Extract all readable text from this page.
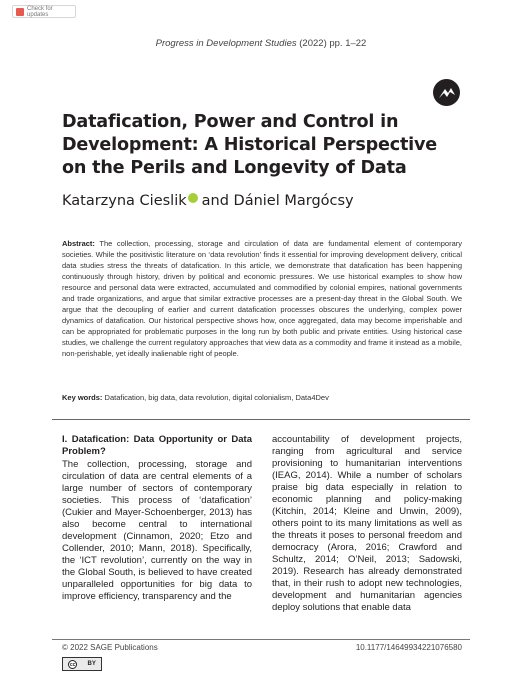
Check for updates
Progress in Development Studies (2022) pp. 1–22
Datafication, Power and Control in Development: A Historical Perspective on the Perils and Longevity of Data
Katarzyna Cieslik and Dániel Margócsy

Abstract: The collection, processing, storage and circulation of data are fundamental element of contemporary societies. While the positivistic literature on ‘data revolution’ finds it essential for improving development delivery, critical data studies stress the threats of datafication. In this article, we demonstrate that datafication has been happening continuously through history, driven by political and economic pressures. We use historical examples to show how resource and personal data were extracted, accumulated and commodified by colonial empires, national governments and trade organizations, and argue that similar extractive processes are a present-day threat in the Global South. We argue that the decoupling of earlier and current datafication processes obscures the underlying, complex power dynamics of datafication. Our historical perspective shows how, once aggregated, data may become imperishable and can be appropriated for problematic purposes in the long run by both public and private entities. Using historical case studies, we challenge the current regulatory approaches that view data as a commodity and frame it instead as a mobile, non-perishable, yet ideally inalienable right of people.

Key words: Datafication, big data, data revolution, digital colonialism, Data4Dev
I. Datafication: Data Opportunity or Data Problem?

The collection, processing, storage and circulation of data are central elements of a large number of sectors of contemporary societies. This process of ‘datafication’ (Cukier and Mayer-Schoenberger, 2013) has also become central to international development (Cinnamon, 2020; Etzo and Collender, 2010; Mann, 2018). Specifically, the ‘ICT revolution’, currently on the way in the Global South, is believed to have created unparalleled opportunities for big data to improve efficiency, transparency and the

accountability of development projects, ranging from agricultural and service provisioning to humanitarian interventions (IEAG, 2014). While a number of scholars praise big data especially in relation to economic planning and policy-making (Kitchin, 2014; Kleine and Unwin, 2009), others point to its many limitations as well as the threats it poses to personal freedom and democracy (Arora, 2016; Crawford and Schultz, 2014; O’Neil, 2013; Sadowski, 2019). Research has already demonstrated that, in their rush to adopt new technologies, development and humanitarian agencies deploy solutions that enable data

© 2022 SAGE Publications	10.1177/14649934221076580
cc BY
